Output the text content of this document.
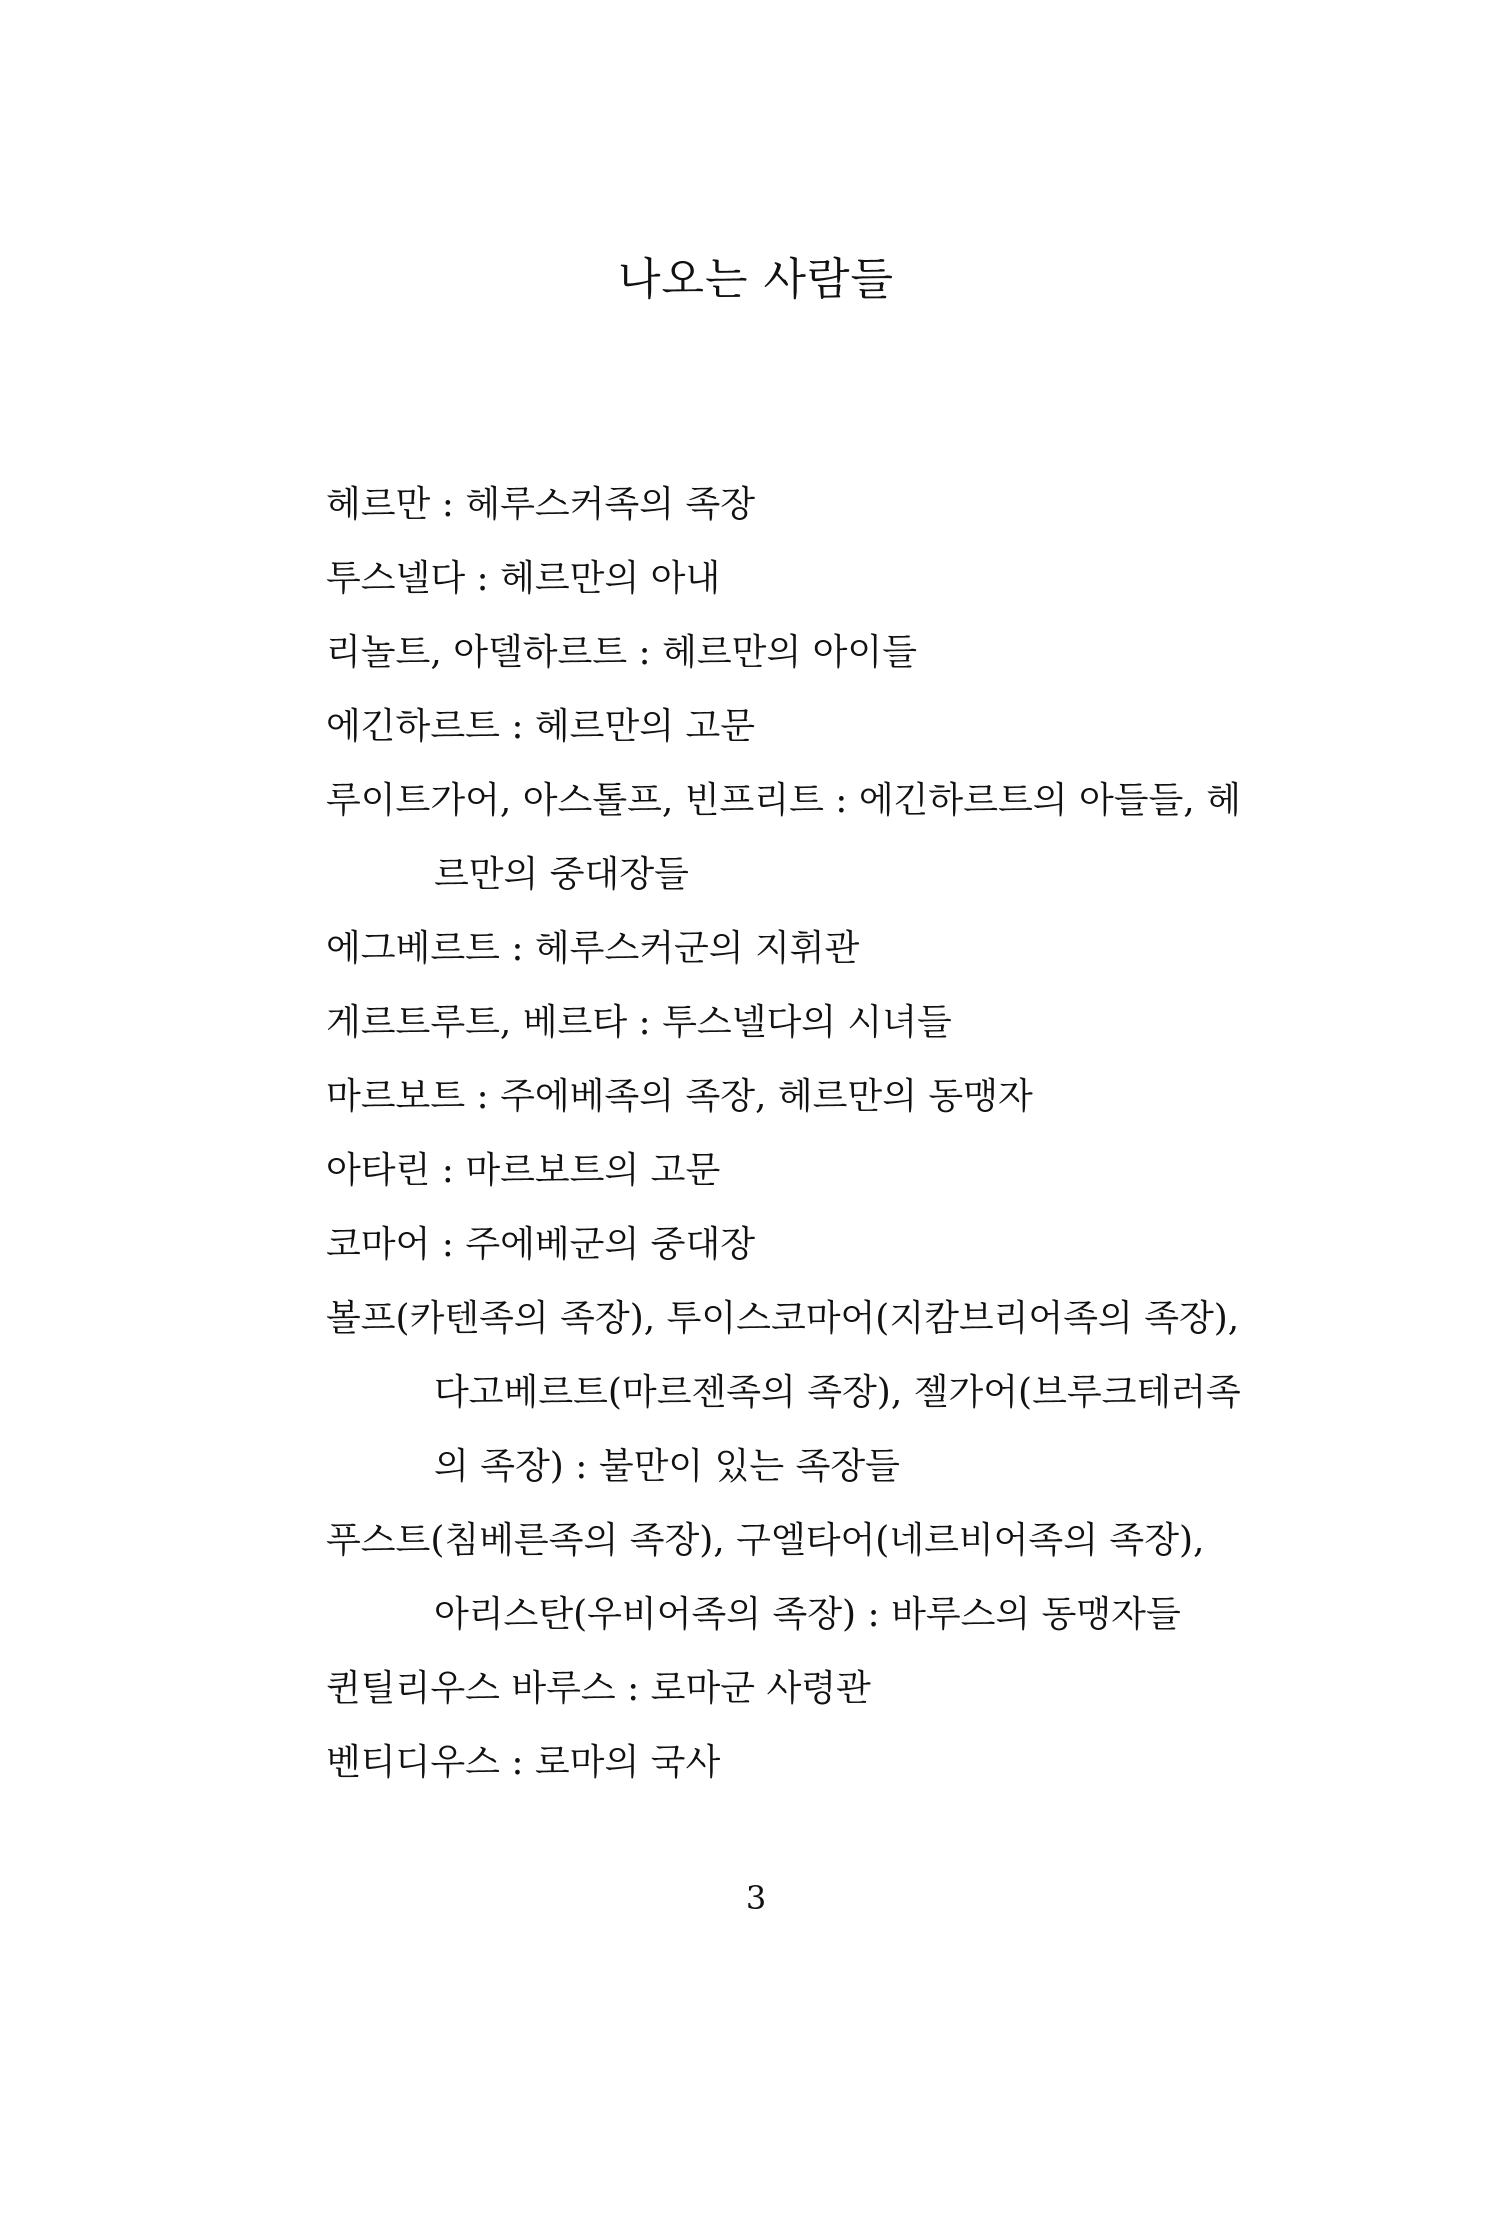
나오는 사람들
헤르만 : 헤루스커족의 족장
투스넬다 : 헤르만의 아내
리놀트, 아델하르트 : 헤르만의 아이들
에긴하르트 : 헤르만의 고문
루이트가어, 아스톨프, 빈프리트 : 에긴하르트의 아들들, 헤
르만의 중대장들
에그베르트 : 헤루스커군의 지휘관
게르트루트, 베르타 : 투스넬다의 시녀들
마르보트 : 주에베족의 족장, 헤르만의 동맹자
아타린 : 마르보트의 고문
코마어 : 주에베군의 중대장
볼프(카텐족의 족장), 투이스코마어(지캄브리어족의 족장),
다고베르트(마르젠족의 족장), 젤가어(브루크테러족
의 족장) : 불만이 있는 족장들
푸스트(침베른족의 족장), 구엘타어(네르비어족의 족장),
아리스탄(우비어족의 족장) : 바루스의 동맹자들
퀸틸리우스 바루스 : 로마군 사령관
벤티디우스 : 로마의 국사
3
